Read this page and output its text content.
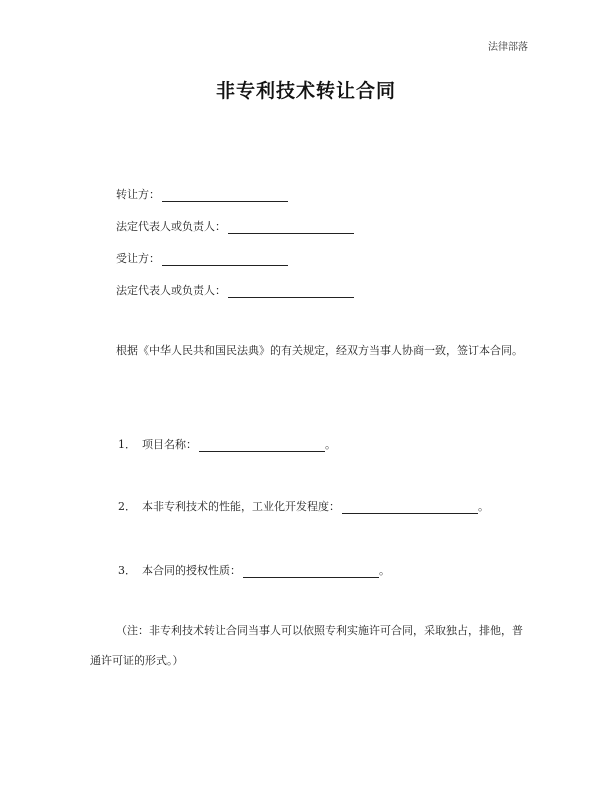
法律部落
非专利技术转让合同
转让方：
法定代表人或负责人：
受让方：
法定代表人或负责人：
根据《中华人民共和国民法典》的有关规定，经双方当事人协商一致，签订本合同。
1． 项目名称：	。
2． 本非专利技术的性能，工业化开发程度：	。
3． 本合同的授权性质：	。
（注：非专利技术转让合同当事人可以依照专利实施许可合同，采取独占，排他，普通许可证的形式。）
